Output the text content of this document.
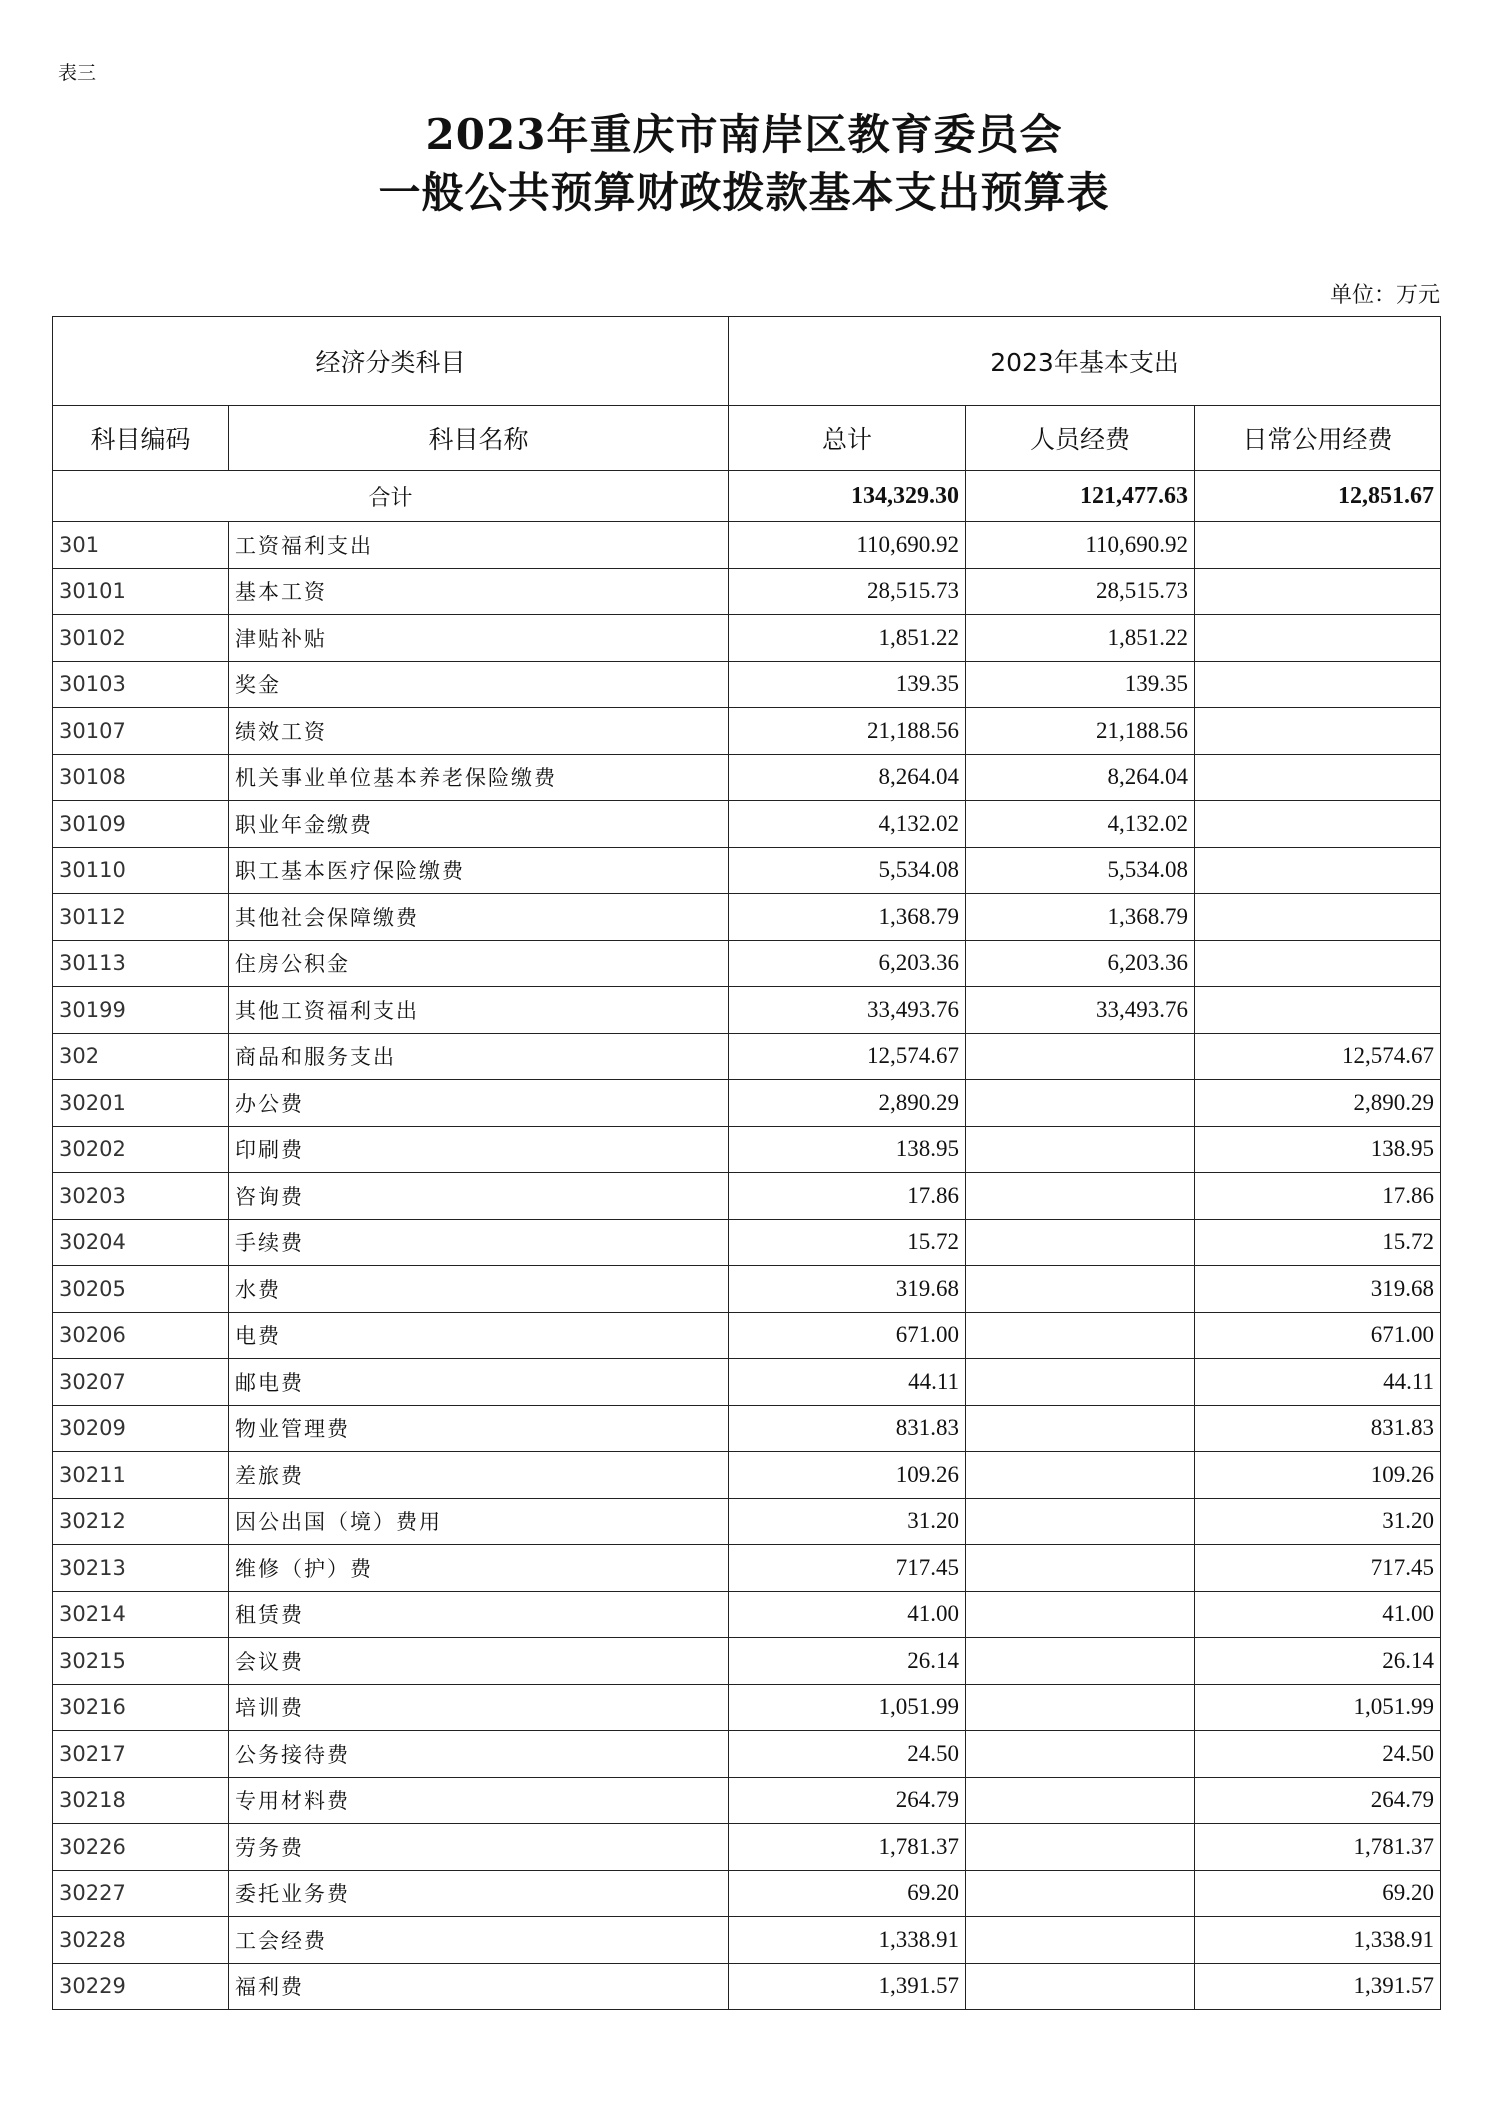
表三
2023年重庆市南岸区教育委员会
一般公共预算财政拨款基本支出预算表
单位：万元
经济分类科目		2023年基本支出		
科目编码	科目名称	总计	人员经费	日常公用经费
合计		134,329.30	121,477.63	12,851.67
301	工资福利支出	110,690.92	110,690.92	
30101	基本工资	28,515.73	28,515.73	
30102	津贴补贴	1,851.22	1,851.22	
30103	奖金	139.35	139.35	
30107	绩效工资	21,188.56	21,188.56	
30108	机关事业单位基本养老保险缴费	8,264.04	8,264.04	
30109	职业年金缴费	4,132.02	4,132.02	
30110	职工基本医疗保险缴费	5,534.08	5,534.08	
30112	其他社会保障缴费	1,368.79	1,368.79	
30113	住房公积金	6,203.36	6,203.36	
30199	其他工资福利支出	33,493.76	33,493.76	
302	商品和服务支出	12,574.67		12,574.67
30201	办公费	2,890.29		2,890.29
30202	印刷费	138.95		138.95
30203	咨询费	17.86		17.86
30204	手续费	15.72		15.72
30205	水费	319.68		319.68
30206	电费	671.00		671.00
30207	邮电费	44.11		44.11
30209	物业管理费	831.83		831.83
30211	差旅费	109.26		109.26
30212	因公出国（境）费用	31.20		31.20
30213	维修（护）费	717.45		717.45
30214	租赁费	41.00		41.00
30215	会议费	26.14		26.14
30216	培训费	1,051.99		1,051.99
30217	公务接待费	24.50		24.50
30218	专用材料费	264.79		264.79
30226	劳务费	1,781.37		1,781.37
30227	委托业务费	69.20		69.20
30228	工会经费	1,338.91		1,338.91
30229	福利费	1,391.57		1,391.57
